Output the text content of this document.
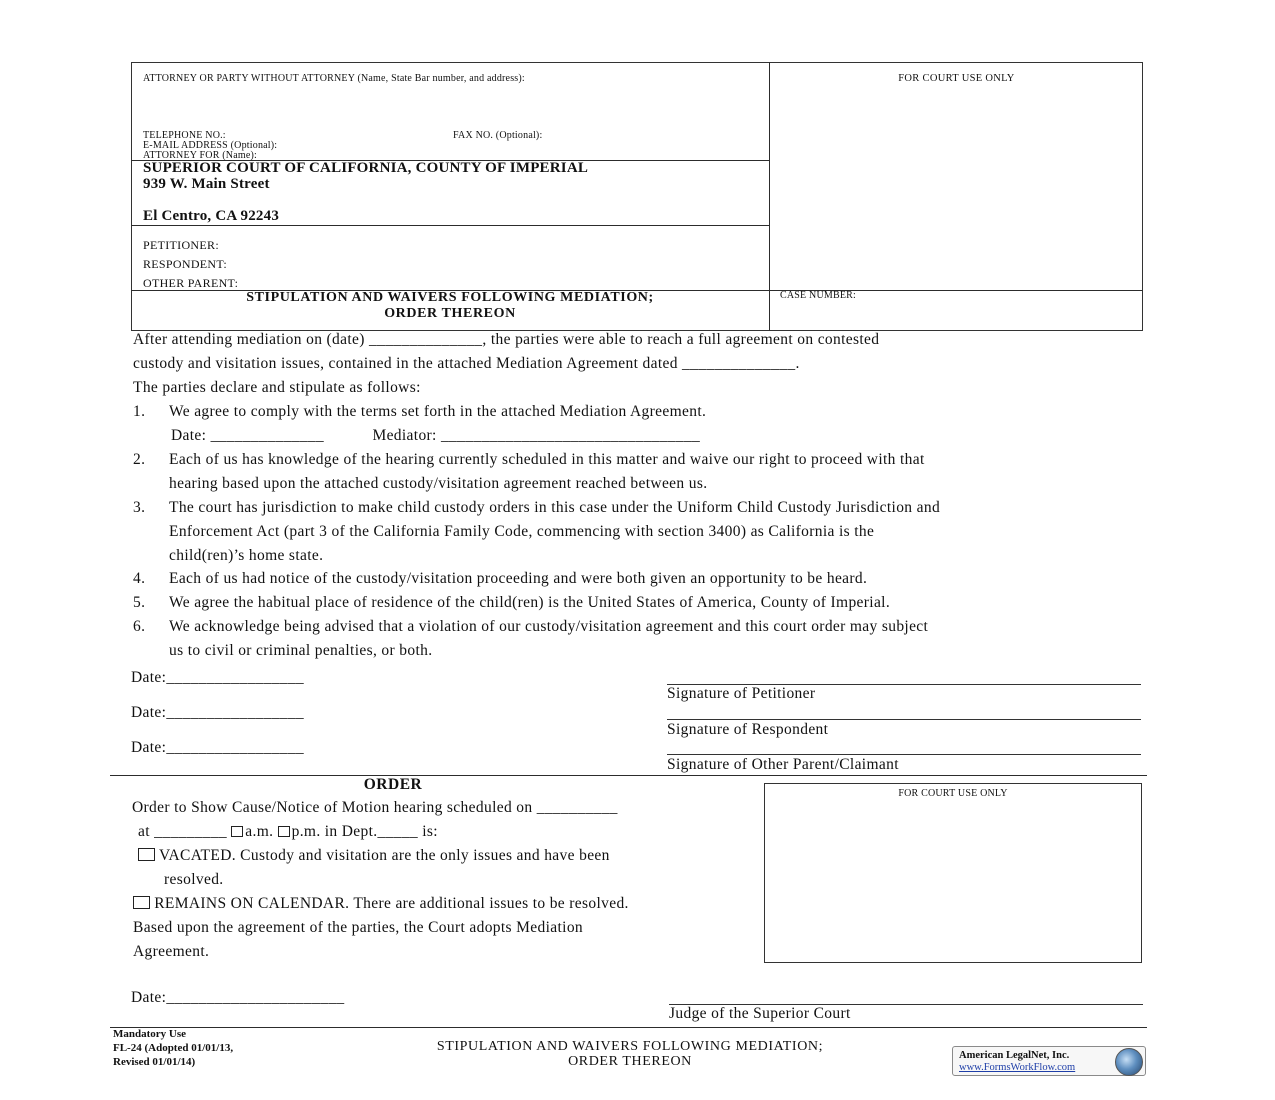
ATTORNEY OR PARTY WITHOUT ATTORNEY (Name, State Bar number, and address):
TELEPHONE NO.:	FAX NO. (Optional):
E-MAIL ADDRESS (Optional):
ATTORNEY FOR (Name):
FOR COURT USE ONLY
SUPERIOR COURT OF CALIFORNIA, COUNTY OF IMPERIAL
939 W. Main Street
El Centro, CA 92243
PETITIONER:
RESPONDENT:
OTHER PARENT:
STIPULATION AND WAIVERS FOLLOWING MEDIATION;
ORDER THEREON
CASE NUMBER:
After attending mediation on (date) ______________, the parties were able to reach a full agreement on contested
custody and visitation issues, contained in the attached Mediation Agreement dated ______________.
The parties declare and stipulate as follows:
1. We agree to comply with the terms set forth in the attached Mediation Agreement.
Date: ______________	Mediator: ________________________________
2. Each of us has knowledge of the hearing currently scheduled in this matter and waive our right to proceed with that
hearing based upon the attached custody/visitation agreement reached between us.
3. The court has jurisdiction to make child custody orders in this case under the Uniform Child Custody Jurisdiction and
Enforcement Act (part 3 of the California Family Code, commencing with section 3400) as California is the
child(ren)’s home state.
4. Each of us had notice of the custody/visitation proceeding and were both given an opportunity to be heard.
5. We agree the habitual place of residence of the child(ren) is the United States of America, County of Imperial.
6. We acknowledge being advised that a violation of our custody/visitation agreement and this court order may subject
us to civil or criminal penalties, or both.
Date:_________________
Signature of Petitioner
Date:_________________
Signature of Respondent
Date:_________________
Signature of Other Parent/Claimant
ORDER
Order to Show Cause/Notice of Motion hearing scheduled on __________
at _________ a.m. p.m. in Dept._____ is:
VACATED. Custody and visitation are the only issues and have been
resolved.
REMAINS ON CALENDAR. There are additional issues to be resolved.
Based upon the agreement of the parties, the Court adopts Mediation
Agreement.
FOR COURT USE ONLY
Date:______________________
Judge of the Superior Court
Mandatory Use
FL-24 (Adopted 01/01/13,
Revised 01/01/14)
STIPULATION AND WAIVERS FOLLOWING MEDIATION;
ORDER THEREON	American LegalNet, Inc.
www.FormsWorkFlow.com
